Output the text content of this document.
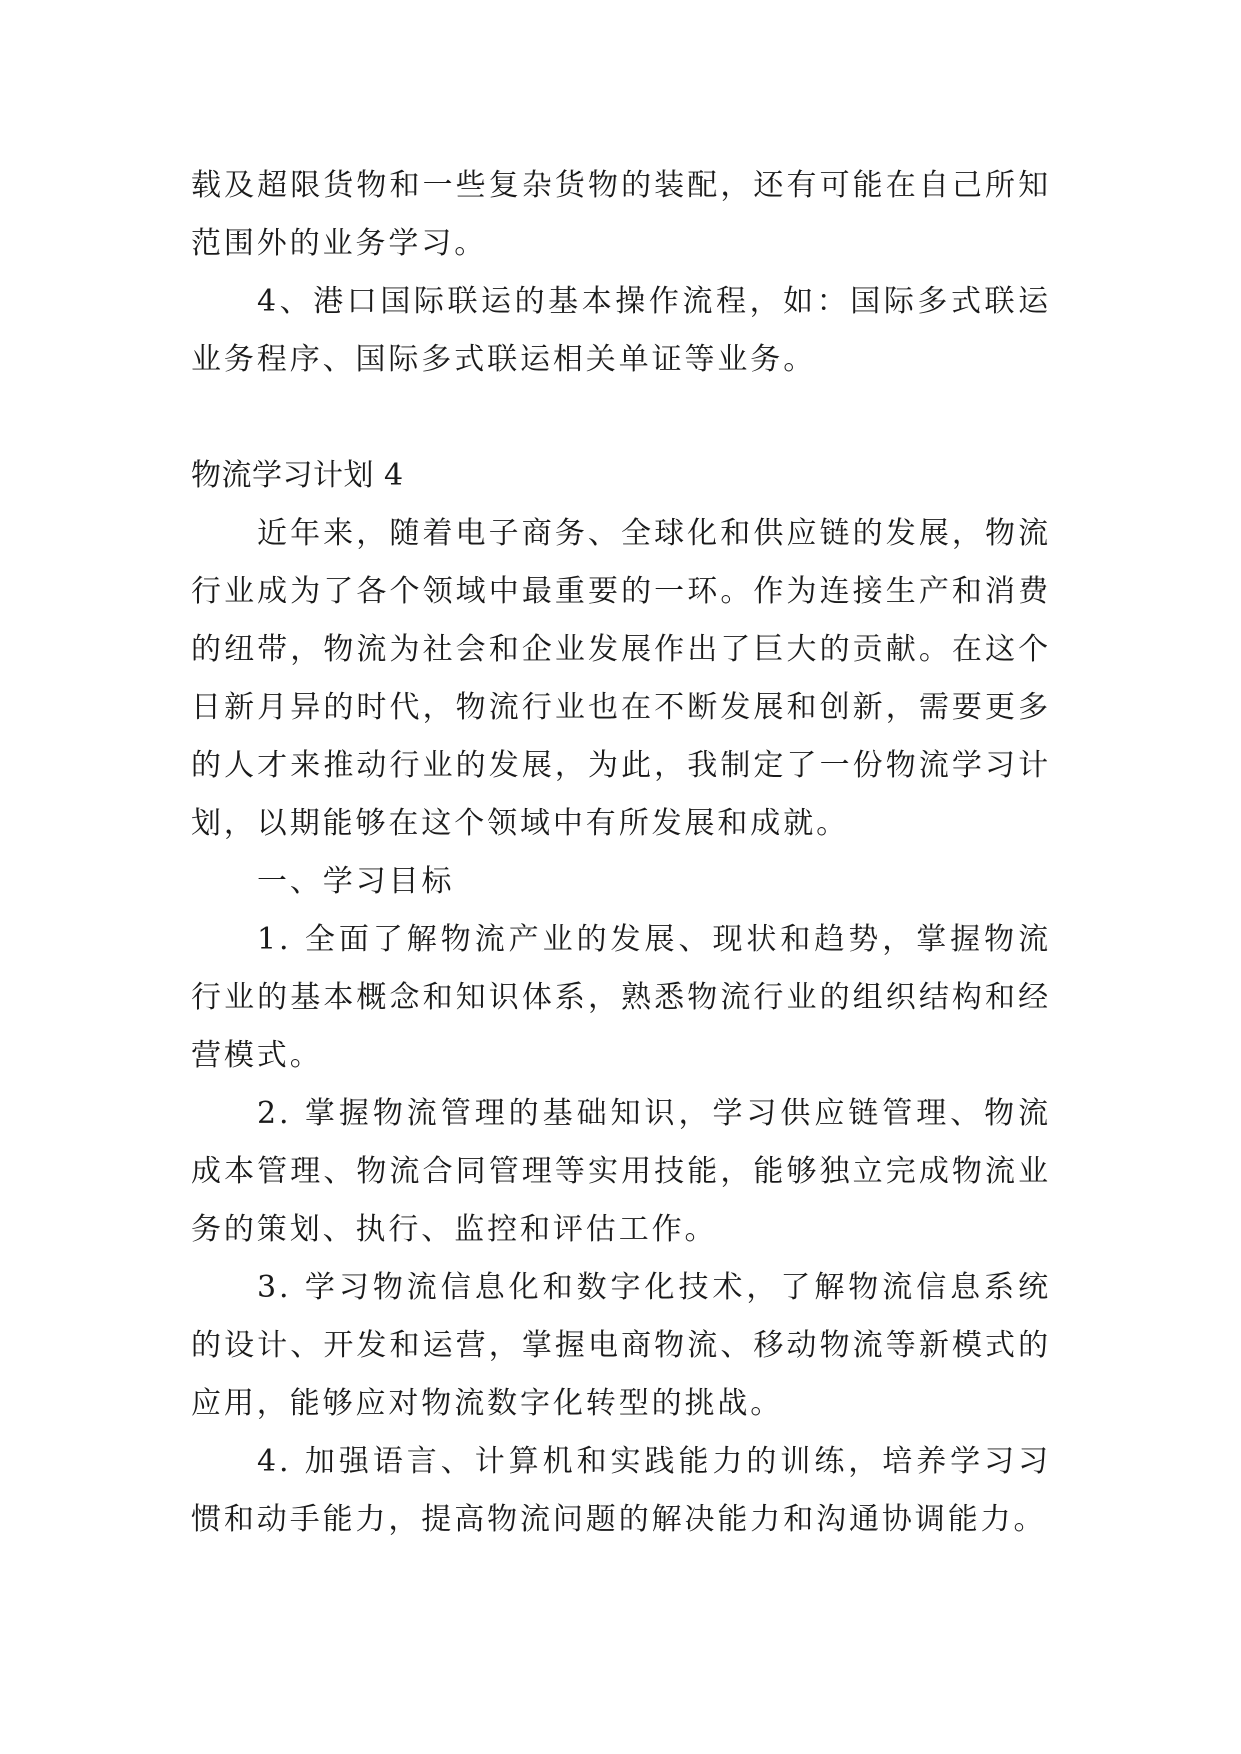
载及超限货物和一些复杂货物的装配，还有可能在自己所知范围外的业务学习。

4、港口国际联运的基本操作流程，如：国际多式联运业务程序、国际多式联运相关单证等业务。

物流学习计划 4

近年来，随着电子商务、全球化和供应链的发展，物流行业成为了各个领域中最重要的一环。作为连接生产和消费的纽带，物流为社会和企业发展作出了巨大的贡献。在这个日新月异的时代，物流行业也在不断发展和创新，需要更多的人才来推动行业的发展，为此，我制定了一份物流学习计划，以期能够在这个领域中有所发展和成就。

一、学习目标

1. 全面了解物流产业的发展、现状和趋势，掌握物流行业的基本概念和知识体系，熟悉物流行业的组织结构和经营模式。

2. 掌握物流管理的基础知识，学习供应链管理、物流成本管理、物流合同管理等实用技能，能够独立完成物流业务的策划、执行、监控和评估工作。

3. 学习物流信息化和数字化技术，了解物流信息系统的设计、开发和运营，掌握电商物流、移动物流等新模式的应用，能够应对物流数字化转型的挑战。

4. 加强语言、计算机和实践能力的训练，培养学习习惯和动手能力，提高物流问题的解决能力和沟通协调能力。
